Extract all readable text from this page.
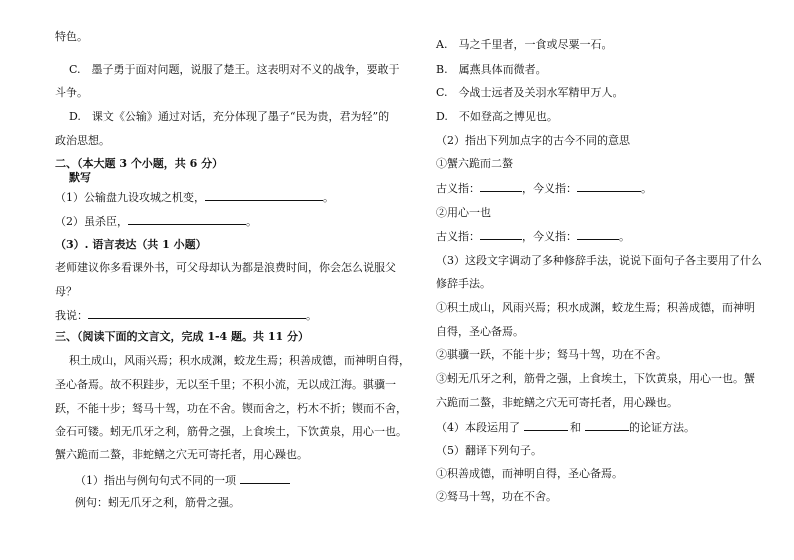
特色。
C.　墨子勇于面对问题，说服了楚王。这表明对不义的战争，要敢于
斗争。
D.　课文《公输》通过对话，充分体现了墨子“民为贵，君为轻”的
政治思想。
二、（本大题 3 个小题，共 6 分）
默写
（1）公输盘九设攻城之机变，	。
（2）虽杀臣，	。
（3）. 语言表达（共 1 小题）
老师建议你多看课外书，可父母却认为都是浪费时间，你会怎么说服父
母？
我说：	。
三、（阅读下面的文言文，完成 1-4 题。共 11 分）
积土成山，风雨兴焉；积水成渊，蛟龙生焉；积善成德，而神明自得，
圣心备焉。故不积跬步，无以至千里；不积小流，无以成江海。骐骥一
跃，不能十步；驽马十驾，功在不舍。锲而舍之，朽木不折；锲而不舍，
金石可镂。蚓无爪牙之利，筋骨之强，上食埃土，下饮黄泉，用心一也。
蟹六跪而二螯，非蛇鳝之穴无可寄托者，用心躁也。
（1）指出与例句句式不同的一项
例句：蚓无爪牙之利，筋骨之强。
A.　马之千里者，一食或尽粟一石。
B.　属燕具体而微者。
C.　今战士远者及关羽水军精甲万人。
D.　不如登高之博见也。
（2）指出下列加点字的古今不同的意思
①蟹六跪而二螯
古义指：	，今义指：	。
②用心一也
古义指：	，今义指：	。
（3）这段文字调动了多种修辞手法，说说下面句子各主要用了什么
修辞手法。
①积土成山，风雨兴焉；积水成渊，蛟龙生焉；积善成德，而神明
自得，圣心备焉。
②骐骥一跃，不能十步；驽马十驾，功在不舍。
③蚓无爪牙之利，筋骨之强，上食埃土，下饮黄泉，用心一也。蟹
六跪而二螯，非蛇鳝之穴无可寄托者，用心躁也。
（4）本段运用了	和	的论证方法。
（5）翻译下列句子。
①积善成德，而神明自得，圣心备焉。
②驽马十驾，功在不舍。
